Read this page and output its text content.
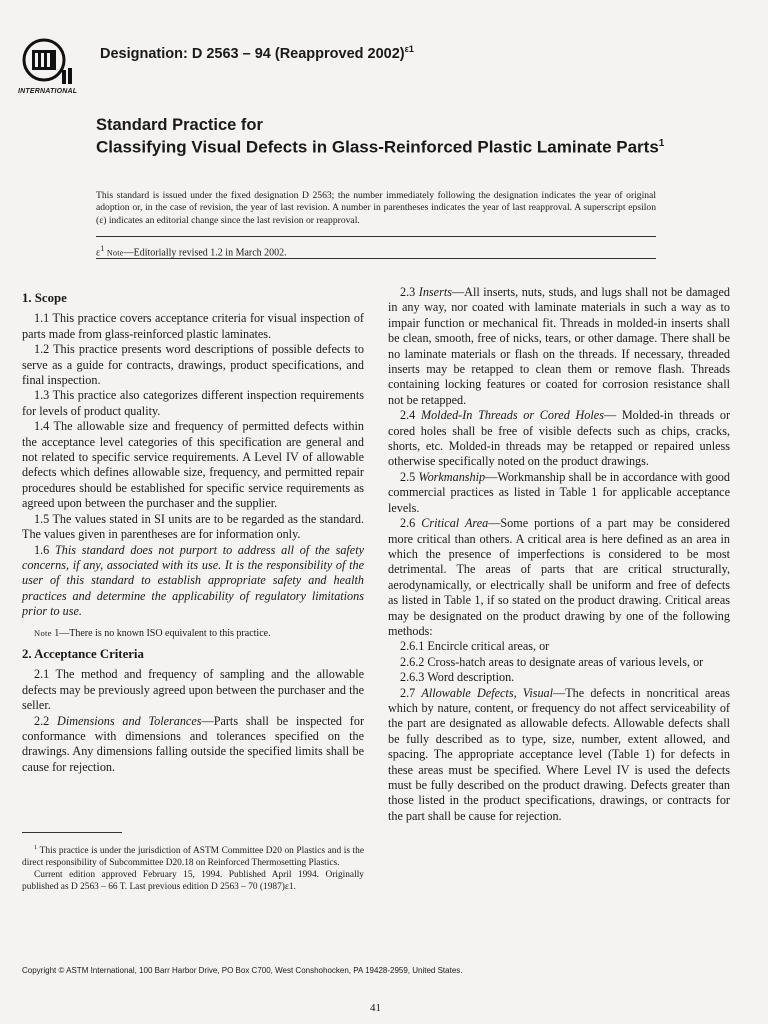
INTERNATIONAL
Designation: D 2563 – 94 (Reapproved 2002)$^{\varepsilon 1}$
Standard Practice for
Classifying Visual Defects in Glass-Reinforced Plastic Laminate Parts$^1$
This standard is issued under the fixed designation D 2563; the number immediately following the designation indicates the year of original adoption or, in the case of revision, the year of last revision. A number in parentheses indicates the year of last reapproval. A superscript epsilon (ε) indicates an editorial change since the last revision or reapproval.
$\varepsilon^1$ Note—Editorially revised 1.2 in March 2002.
1. Scope

1.1 This practice covers acceptance criteria for visual inspection of parts made from glass-reinforced plastic laminates.

1.2 This practice presents word descriptions of possible defects to serve as a guide for contracts, drawings, product specifications, and final inspection.

1.3 This practice also categorizes different inspection requirements for levels of product quality.

1.4 The allowable size and frequency of permitted defects within the acceptance level categories of this specification are general and not related to specific service requirements. A Level IV of allowable defects which defines allowable size, frequency, and permitted repair procedures should be established for specific service requirements as agreed upon between the purchaser and the supplier.

1.5 The values stated in SI units are to be regarded as the standard. The values given in parentheses are for information only.

1.6 This standard does not purport to address all of the safety concerns, if any, associated with its use. It is the responsibility of the user of this standard to establish appropriate safety and health practices and determine the applicability of regulatory limitations prior to use.

Note 1—There is no known ISO equivalent to this practice.

2. Acceptance Criteria

2.1 The method and frequency of sampling and the allowable defects may be previously agreed upon between the purchaser and the seller.

2.2 Dimensions and Tolerances—Parts shall be inspected for conformance with dimensions and tolerances specified on the drawings. Any dimensions falling outside the specified limits shall be cause for rejection.

2.3 Inserts—All inserts, nuts, studs, and lugs shall not be damaged in any way, nor coated with laminate materials in such a way as to impair function or mechanical fit. Threads in molded-in inserts shall be clean, smooth, free of nicks, tears, or other damage. There shall be no laminate materials or flash on the threads. If necessary, threaded inserts may be retapped to clean them or remove flash. Threads containing locking features or coated for corrosion resistance shall not be retapped.

2.4 Molded-In Threads or Cored Holes— Molded-in threads or cored holes shall be free of visible defects such as chips, cracks, shorts, etc. Molded-in threads may be retapped or repaired unless otherwise specifically noted on the product drawings.

2.5 Workmanship—Workmanship shall be in accordance with good commercial practices as listed in Table 1 for applicable acceptance levels.

2.6 Critical Area—Some portions of a part may be considered more critical than others. A critical area is here defined as an area in which the presence of imperfections is considered to be most detrimental. The areas of parts that are critical structurally, aerodynamically, or electrically shall be uniform and free of defects as listed in Table 1, if so stated on the product drawing. Critical areas may be designated on the product drawing by one of the following methods:

2.6.1 Encircle critical areas, or

2.6.2 Cross-hatch areas to designate areas of various levels, or

2.6.3 Word description.

2.7 Allowable Defects, Visual—The defects in noncritical areas which by nature, content, or frequency do not affect serviceability of the part are designated as allowable defects. Allowable defects shall be fully described as to type, size, number, extent allowed, and spacing. The appropriate acceptance level (Table 1) for defects in these areas must be specified. Where Level IV is used the defects must be fully described on the product drawing. Defects greater than those listed in the product specifications, drawings, or contracts for the part shall be cause for rejection.

$^1$ This practice is under the jurisdiction of ASTM Committee D20 on Plastics and is the direct responsibility of Subcommittee D20.18 on Reinforced Thermosetting Plastics.

Current edition approved February 15, 1994. Published April 1994. Originally published as D 2563 – 66 T. Last previous edition D 2563 – 70 (1987)ε1.

Copyright © ASTM International, 100 Barr Harbor Drive, PO Box C700, West Conshohocken, PA 19428-2959, United States.
41
